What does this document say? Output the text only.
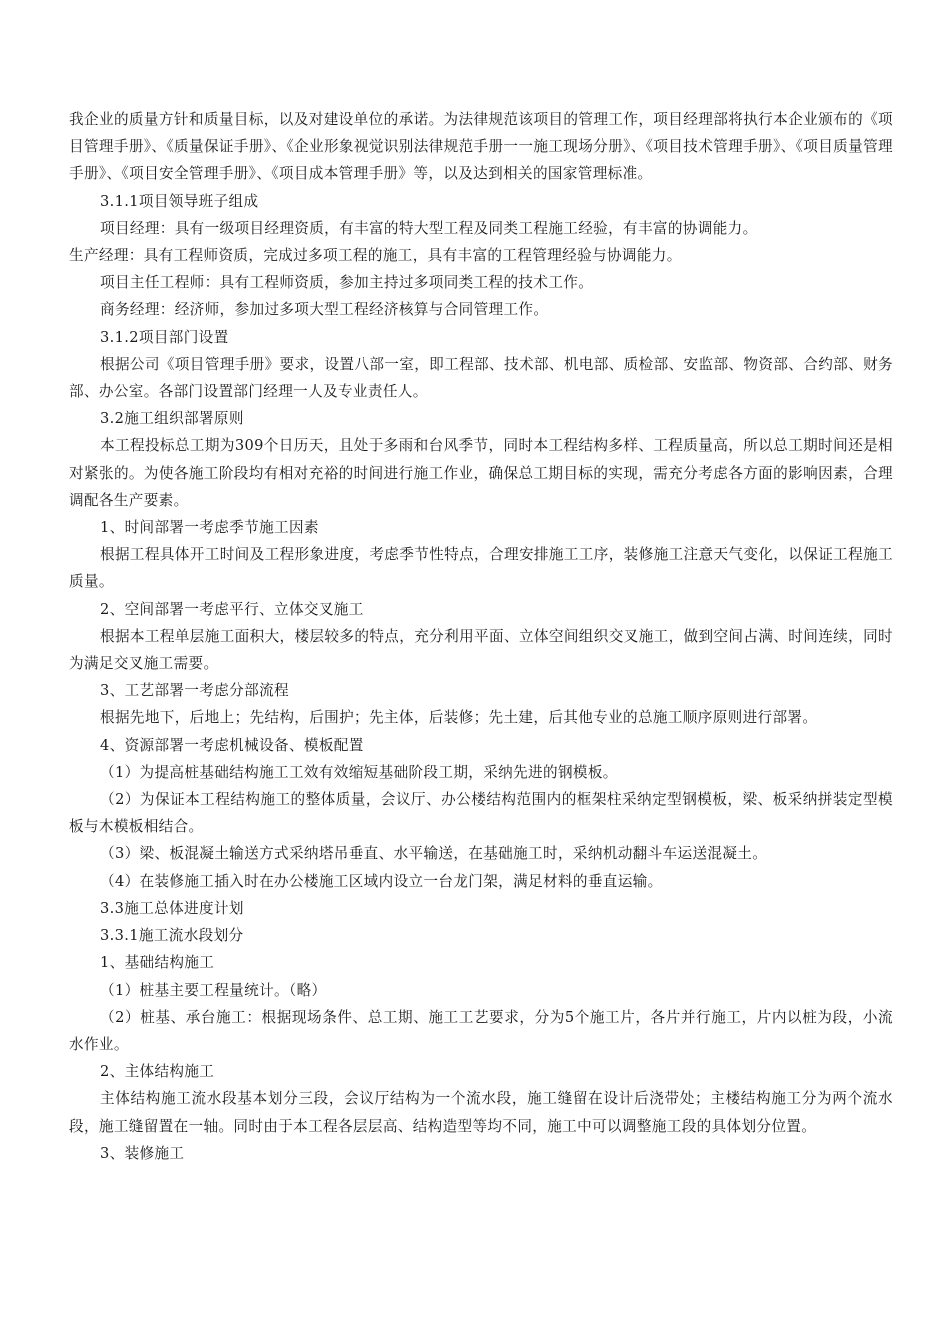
我企业的质量方针和质量目标，以及对建设单位的承诺。为法律规范该项目的管理工作，项目经理部将执行本企业颁布的《项目管理手册》、《质量保证手册》、《企业形象视觉识别法律规范手册一一施工现场分册》、《项目技术管理手册》、《项目质量管理手册》、《项目安全管理手册》、《项目成本管理手册》等，以及达到相关的国家管理标准。

3.1.1项目领导班子组成

项目经理：具有一级项目经理资质，有丰富的特大型工程及同类工程施工经验，有丰富的协调能力。

生产经理：具有工程师资质，完成过多项工程的施工，具有丰富的工程管理经验与协调能力。

项目主任工程师：具有工程师资质，参加主持过多项同类工程的技术工作。

商务经理：经济师，参加过多项大型工程经济核算与合同管理工作。

3.1.2项目部门设置

根据公司《项目管理手册》要求，设置八部一室，即工程部、技术部、机电部、质检部、安监部、物资部、合约部、财务部、办公室。各部门设置部门经理一人及专业责任人。

3.2施工组织部署原则

本工程投标总工期为309个日历天，且处于多雨和台风季节，同时本工程结构多样、工程质量高，所以总工期时间还是相对紧张的。为使各施工阶段均有相对充裕的时间进行施工作业，确保总工期目标的实现，需充分考虑各方面的影响因素，合理调配各生产要素。

1、时间部署一考虑季节施工因素

根据工程具体开工时间及工程形象进度，考虑季节性特点，合理安排施工工序，装修施工注意天气变化，以保证工程施工质量。

2、空间部署一考虑平行、立体交叉施工

根据本工程单层施工面积大，楼层较多的特点，充分利用平面、立体空间组织交叉施工，做到空间占满、时间连续，同时为满足交叉施工需要。

3、工艺部署一考虑分部流程

根据先地下，后地上；先结构，后围护；先主体，后装修；先土建，后其他专业的总施工顺序原则进行部署。

4、资源部署一考虑机械设备、模板配置

（1）为提高桩基础结构施工工效有效缩短基础阶段工期，采纳先进的钢模板。

（2）为保证本工程结构施工的整体质量，会议厅、办公楼结构范围内的框架柱采纳定型钢模板，梁、板采纳拼装定型模板与木模板相结合。

（3）梁、板混凝土输送方式采纳塔吊垂直、水平输送，在基础施工时，采纳机动翻斗车运送混凝土。

（4）在装修施工插入时在办公楼施工区域内设立一台龙门架，满足材料的垂直运输。

3.3施工总体进度计划

3.3.1施工流水段划分

1、基础结构施工

（1）桩基主要工程量统计。（略）

（2）桩基、承台施工：根据现场条件、总工期、施工工艺要求，分为5个施工片，各片并行施工，片内以桩为段，小流水作业。

2、主体结构施工

主体结构施工流水段基本划分三段，会议厅结构为一个流水段，施工缝留在设计后浇带处；主楼结构施工分为两个流水段，施工缝留置在一轴。同时由于本工程各层层高、结构造型等均不同，施工中可以调整施工段的具体划分位置。

3、装修施工
